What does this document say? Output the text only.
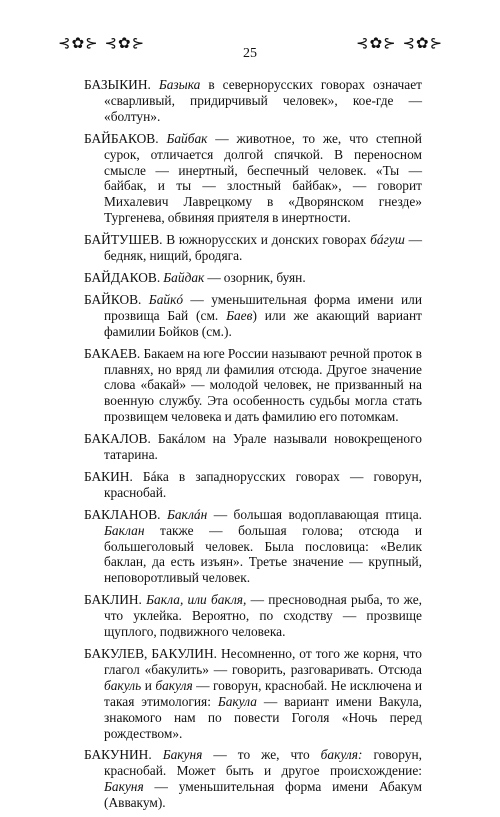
⊰✿⊱ ⊰✿⊱
25
⊰✿⊱ ⊰✿⊱

БАЗЫКИН. Базыка в севернорусских говорах означает «сварливый, придирчивый человек», кое-где — «болтун».

БАЙБАКОВ. Байбак — животное, то же, что степной сурок, отличается долгой спячкой. В переносном смысле — инертный, беспечный человек. «Ты — байбак, и ты — злостный байбак», — говорит Михалевич Лаврецкому в «Дворянском гнезде» Тургенева, обвиняя приятеля в инертности.

БАЙТУШЕВ. В южнорусских и донских говорах бáгуш — бедняк, нищий, бродяга.

БАЙДАКОВ. Байдак — озорник, буян.

БАЙКОВ. Байкó — уменьшительная форма имени или прозвища Бай (см. Баев) или же акающий вариант фамилии Бойков (см.).

БАКАЕВ. Бакаем на юге России называют речной проток в плавнях, но вряд ли фамилия отсюда. Другое значение слова «бакай» — молодой человек, не призванный на военную службу. Эта особенность судьбы могла стать прозвищем человека и дать фамилию его потомкам.

БАКАЛОВ. Бакáлом на Урале называли новокрещеного татарина.

БАКИН. Бáка в западнорусских говорах — говорун, краснобай.

БАКЛАНОВ. Баклáн — большая водоплавающая птица. Баклан также — большая голова; отсюда и большеголовый человек. Была пословица: «Велик баклан, да есть изъян». Третье значение — крупный, неповоротливый человек.

БАКЛИН. Бакла, или бакля, — пресноводная рыба, то же, что уклейка. Вероятно, по сходству — прозвище щуплого, подвижного человека.

БАКУЛЕВ, БАКУЛИН. Несомненно, от того же корня, что глагол «бакулить» — говорить, разговаривать. Отсюда бакуль и бакуля — говорун, краснобай. Не исключена и такая этимология: Бакула — вариант имени Вакула, знакомого нам по повести Гоголя «Ночь перед рождеством».

БАКУНИН. Бакуня — то же, что бакуля: говорун, краснобай. Может быть и другое происхождение: Бакуня — уменьшительная форма имени Абакум (Аввакум).
